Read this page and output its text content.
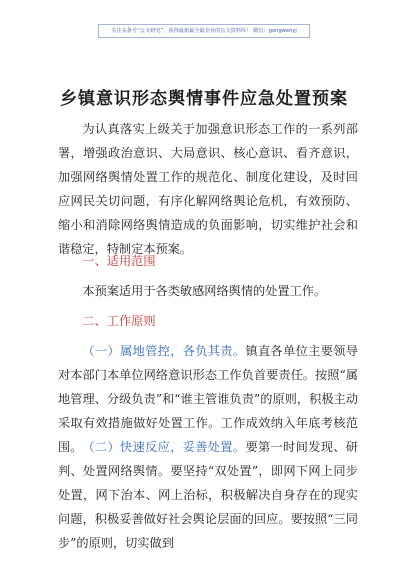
关注头条号“公文研究”，获得最新最全最专业的公文资料库！ 微信：gongwenyj
乡镇意识形态舆情事件应急处置预案

为认真落实上级关于加强意识形态工作的一系列部署，增强政治意识、大局意识、核心意识、看齐意识，加强网络舆情处置工作的规范化、制度化建设，及时回应网民关切问题，有序化解网络舆论危机，有效预防、缩小和消除网络舆情造成的负面影响，切实维护社会和谐稳定，特制定本预案。

一、适用范围

本预案适用于各类敏感网络舆情的处置工作。

二、工作原则

（一）属地管控，各负其责。镇直各单位主要领导对本部门本单位网络意识形态工作负首要责任。按照“属地管理、分级负责”和“谁主管谁负责”的原则，积极主动采取有效措施做好处置工作。工作成效纳入年底考核范围。 （二）快速反应，妥善处置。要第一时间发现、研判、处置网络舆情。要坚持“双处置”，即网下网上同步处置，网下治本、网上治标，积极解决自身存在的现实问题，积极妥善做好社会舆论层面的回应。要按照“三同步”的原则，切实做到
